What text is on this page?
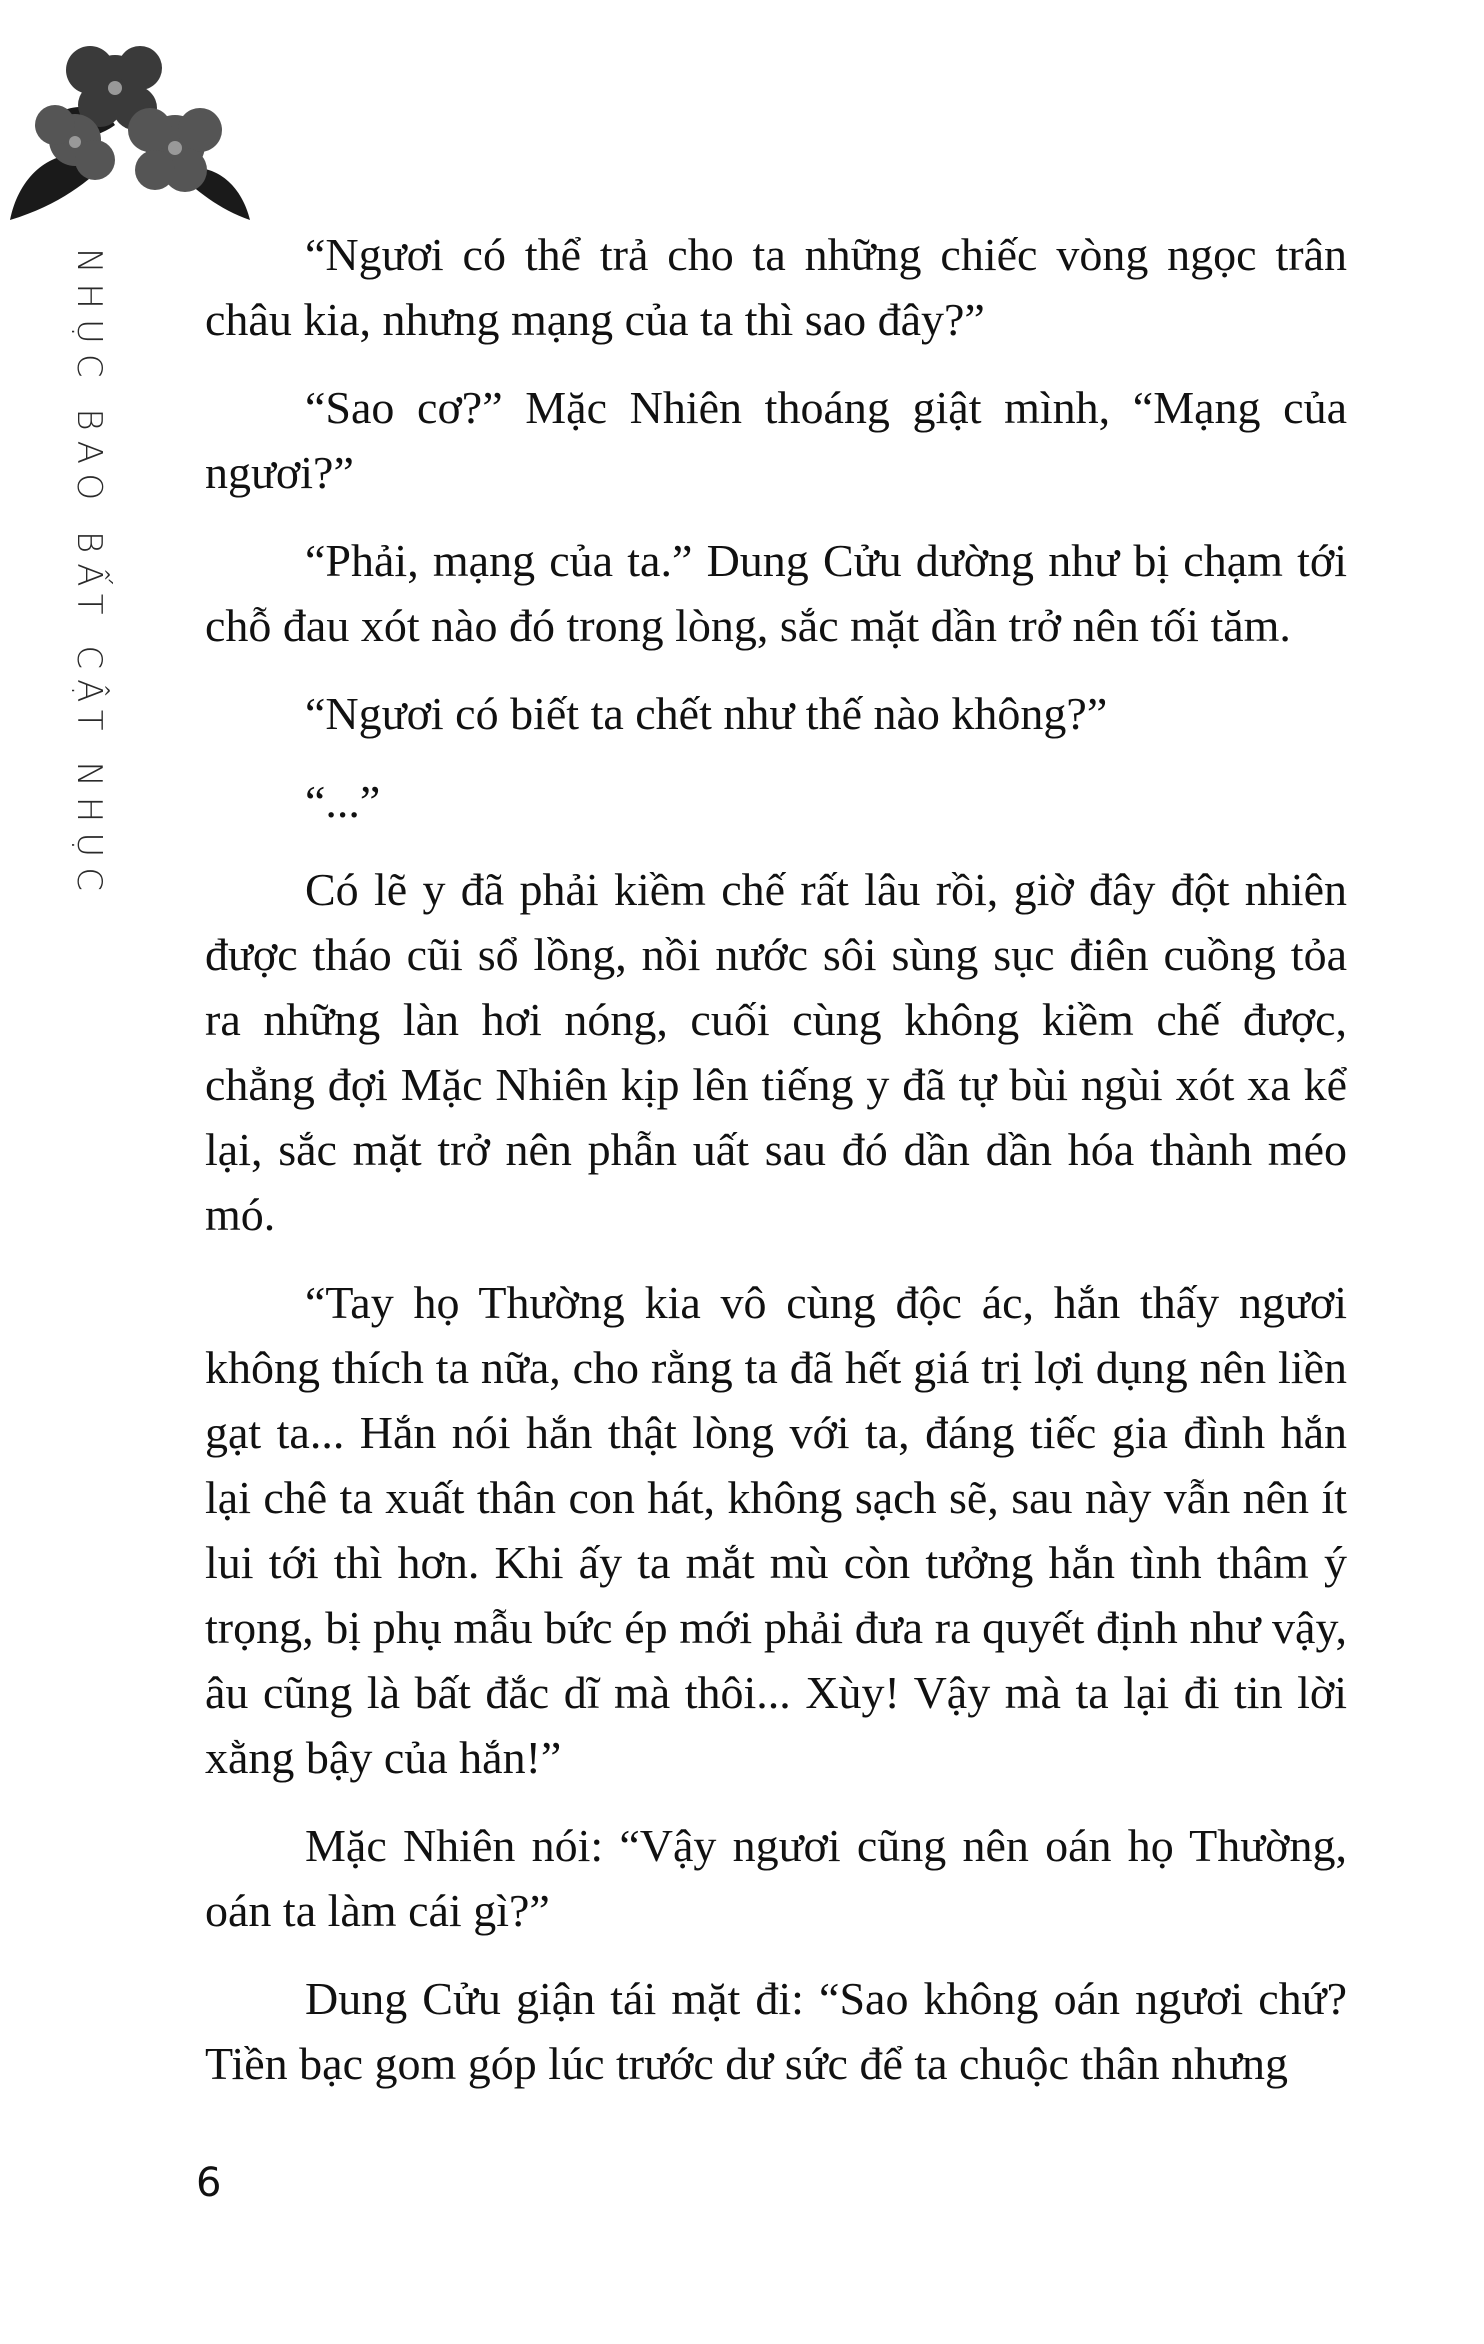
NHỤC BAO BẤT CẬT NHỤC	“Ngươi có thể trả cho ta những chiếc vòng ngọc trân châu kia, nhưng mạng của ta thì sao đây?”

“Sao cơ?” Mặc Nhiên thoáng giật mình, “Mạng của ngươi?”

“Phải, mạng của ta.” Dung Cửu dường như bị chạm tới chỗ đau xót nào đó trong lòng, sắc mặt dần trở nên tối tăm.

“Ngươi có biết ta chết như thế nào không?”

“...”

Có lẽ y đã phải kiềm chế rất lâu rồi, giờ đây đột nhiên được tháo cũi sổ lồng, nồi nước sôi sùng sục điên cuồng tỏa ra những làn hơi nóng, cuối cùng không kiềm chế được, chẳng đợi Mặc Nhiên kịp lên tiếng y đã tự bùi ngùi xót xa kể lại, sắc mặt trở nên phẫn uất sau đó dần dần hóa thành méo mó.

“Tay họ Thường kia vô cùng độc ác, hắn thấy ngươi không thích ta nữa, cho rằng ta đã hết giá trị lợi dụng nên liền gạt ta... Hắn nói hắn thật lòng với ta, đáng tiếc gia đình hắn lại chê ta xuất thân con hát, không sạch sẽ, sau này vẫn nên ít lui tới thì hơn. Khi ấy ta mắt mù còn tưởng hắn tình thâm ý trọng, bị phụ mẫu bức ép mới phải đưa ra quyết định như vậy, âu cũng là bất đắc dĩ mà thôi... Xùy! Vậy mà ta lại đi tin lời xằng bậy của hắn!”

Mặc Nhiên nói: “Vậy ngươi cũng nên oán họ Thường, oán ta làm cái gì?”

Dung Cửu giận tái mặt đi: “Sao không oán ngươi chứ? Tiền bạc gom góp lúc trước dư sức để ta chuộc thân nhưng

6
